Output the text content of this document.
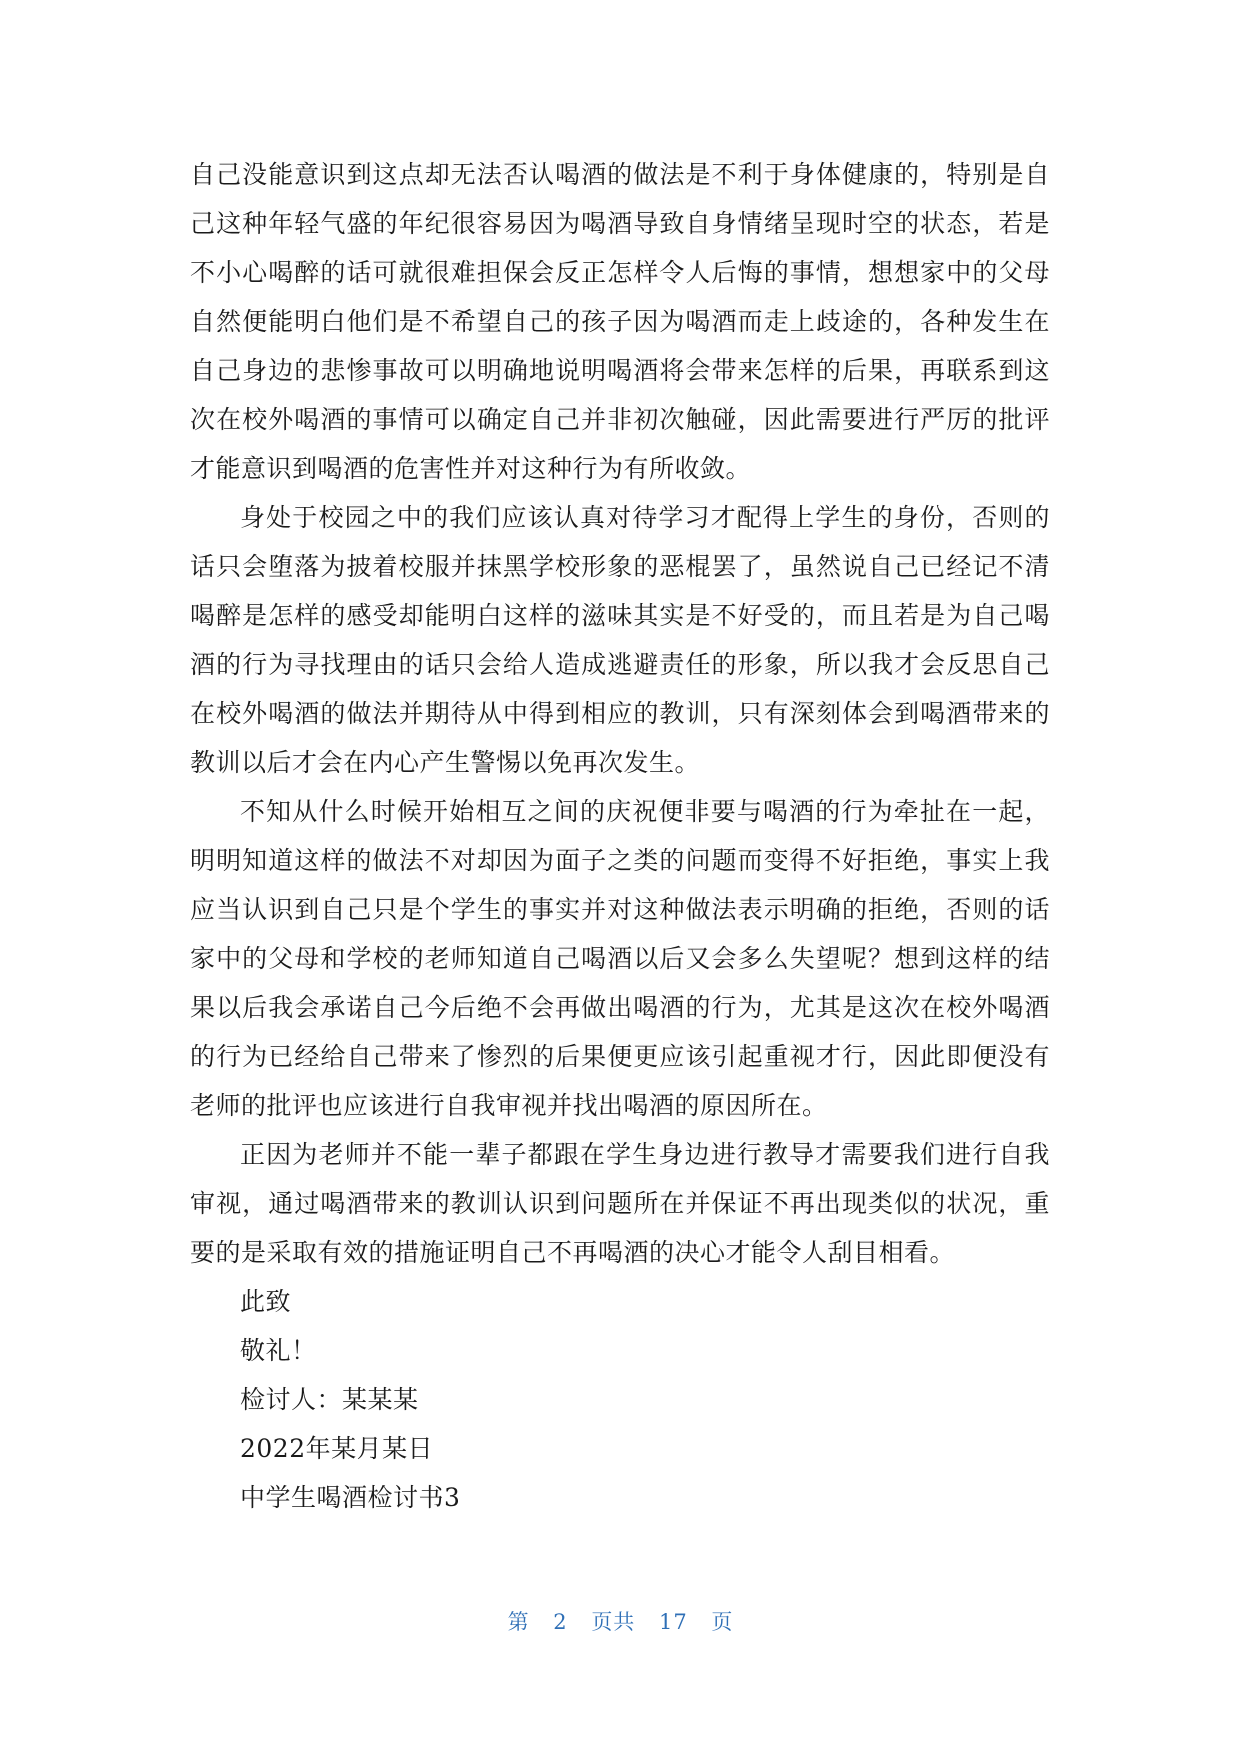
自己没能意识到这点却无法否认喝酒的做法是不利于身体健康的，特别是自己这种年轻气盛的年纪很容易因为喝酒导致自身情绪呈现时空的状态，若是不小心喝醉的话可就很难担保会反正怎样令人后悔的事情，想想家中的父母自然便能明白他们是不希望自己的孩子因为喝酒而走上歧途的，各种发生在自己身边的悲惨事故可以明确地说明喝酒将会带来怎样的后果，再联系到这次在校外喝酒的事情可以确定自己并非初次触碰，因此需要进行严厉的批评才能意识到喝酒的危害性并对这种行为有所收敛。

身处于校园之中的我们应该认真对待学习才配得上学生的身份，否则的话只会堕落为披着校服并抹黑学校形象的恶棍罢了，虽然说自己已经记不清喝醉是怎样的感受却能明白这样的滋味其实是不好受的，而且若是为自己喝酒的行为寻找理由的话只会给人造成逃避责任的形象，所以我才会反思自己在校外喝酒的做法并期待从中得到相应的教训，只有深刻体会到喝酒带来的教训以后才会在内心产生警惕以免再次发生。

不知从什么时候开始相互之间的庆祝便非要与喝酒的行为牵扯在一起，明明知道这样的做法不对却因为面子之类的问题而变得不好拒绝，事实上我应当认识到自己只是个学生的事实并对这种做法表示明确的拒绝，否则的话家中的父母和学校的老师知道自己喝酒以后又会多么失望呢？想到这样的结果以后我会承诺自己今后绝不会再做出喝酒的行为，尤其是这次在校外喝酒的行为已经给自己带来了惨烈的后果便更应该引起重视才行，因此即便没有老师的批评也应该进行自我审视并找出喝酒的原因所在。

正因为老师并不能一辈子都跟在学生身边进行教导才需要我们进行自我审视，通过喝酒带来的教训认识到问题所在并保证不再出现类似的状况，重要的是采取有效的措施证明自己不再喝酒的决心才能令人刮目相看。

此致

敬礼！

检讨人：某某某

2022年某月某日

中学生喝酒检讨书3

第 2 页共 17 页
